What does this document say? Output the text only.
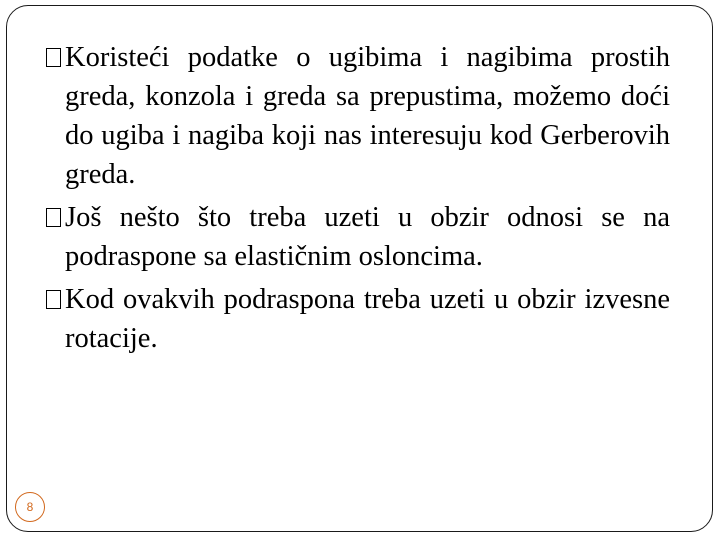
Koristeći podatke o ugibima i nagibima prostih greda, konzola i greda sa prepustima, možemo doći do ugiba i nagiba koji nas interesuju kod Gerberovih greda.
Još nešto što treba uzeti u obzir odnosi se na podraspone sa elastičnim osloncima.
Kod ovakvih podraspona treba uzeti u obzir izvesne rotacije.
8
